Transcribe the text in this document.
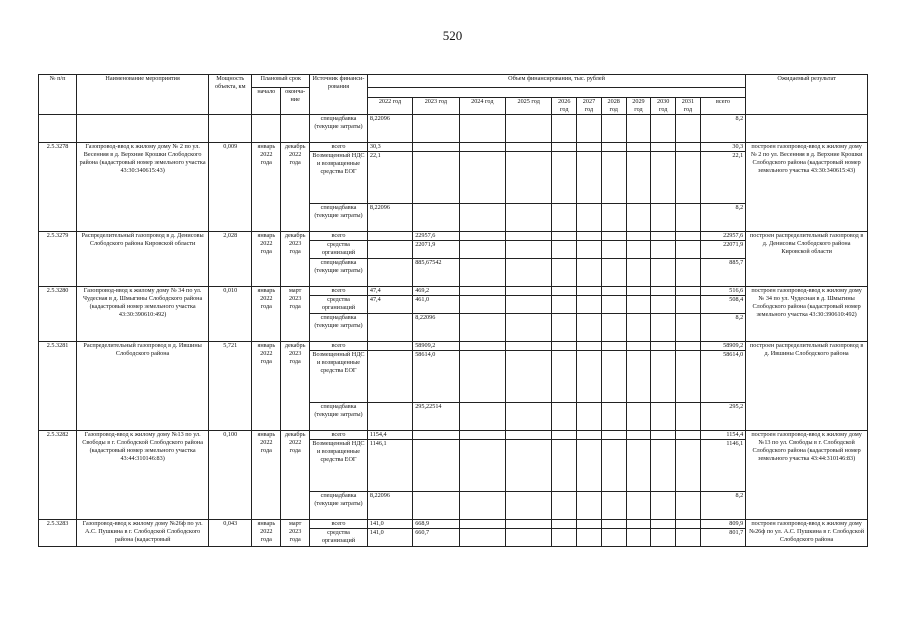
520
№ п/п	Наименование мероприятия	Мощность объекта, км	Плановый срок		Источник финанси- рования	Объем финансирования, тыс. рублей											Ожидаемый результат
			начало	оконча- ние													
						2022 год	2023 год	2024 год	2025 год	2026 год	2027 год	2028 год	2029 год	2030 год	2031 год	всего	
					спецнадбавка (текущие затраты)	8,22096										8,2	
2.5.3278	Газопровод-ввод к жилому дому № 2 по ул. Весенняя в д. Верхние Крошки Слободского района (кадастровый номер земельного участка 43:30:340615:43)	0,009	январь 2022 года	декабрь 2022 года	всего	30,3										30,3	построен газопровод-ввод к жилому дому № 2 по ул. Весенняя в д. Верхние Крошки Слободского района (кадастровый номер земельного участка 43:30:340615:43)
					Возмещенный НДС и возвращенные средства ЕОГ	22,1										22,1	
					спецнадбавка (текущие затраты)	8,22096										8,2	
2.5.3279	Распределительный газопровод в д. Денисовы Слободского района Кировской области	2,028	январь 2022 года	декабрь 2023 года	всего		22957,6									22957,6	построен распределительный газопровод в д. Денисовы Слободского района Кировской области
					средства организаций		22071,9									22071,9	
					спецнадбавка (текущие затраты)		885,67542									885,7	
2.5.3280	Газопровод-ввод к жилому дому № 34 по ул. Чудесная в д. Шмыгины Слободского района (кадастровый номер земельного участка 43:30:390610:492)	0,010	январь 2022 года	март 2023 года	всего	47,4	469,2									516,6	построен газопровод-ввод к жилому дому № 34 по ул. Чудесная в д. Шмыгины Слободского района (кадастровый номер земельного участка 43:30:390610:492)
					средства организаций	47,4	461,0									508,4	
					спецнадбавка (текущие затраты)		8,22096									8,2	
2.5.3281	Распределительный газопровод в д. Ившины Слободского района	5,721	январь 2022 года	декабрь 2023 года	всего		58909,2									58909,2	построен распределительный газопровод в д. Ившины Слободского района
					Возмещенный НДС и возвращенные средства ЕОГ		58614,0									58614,0	
					спецнадбавка (текущие затраты)		295,22514									295,2	
2.5.3282	Газопровод-ввод к жилому дому №13 по ул. Свободы в г. Слободской Слободского района (кадастровый номер земельного участка 43:44:310146:83)	0,100	январь 2022 года	декабрь 2022 года	всего	1154,4										1154,4	построен газопровод-ввод к жилому дому №13 по ул. Свободы в г. Слободской Слободского района (кадастровый номер земельного участка 43:44:310146:83)
					Возмещенный НДС и возвращенные средства ЕОГ	1146,1										1146,1	
					спецнадбавка (текущие затраты)	8,22096										8,2	
2.5.3283	Газопровод-ввод к жилому дому №26ф по ул. А.С. Пушкина в г. Слободской Слободского района (кадастровый	0,043	январь 2022 года	март 2023 года	всего	141,0	668,9									809,9	построен газопровод-ввод к жилому дому №26ф по ул. А.С. Пушкина в г. Слободской Слободского района
					средства организаций	141,0	660,7									801,7	
